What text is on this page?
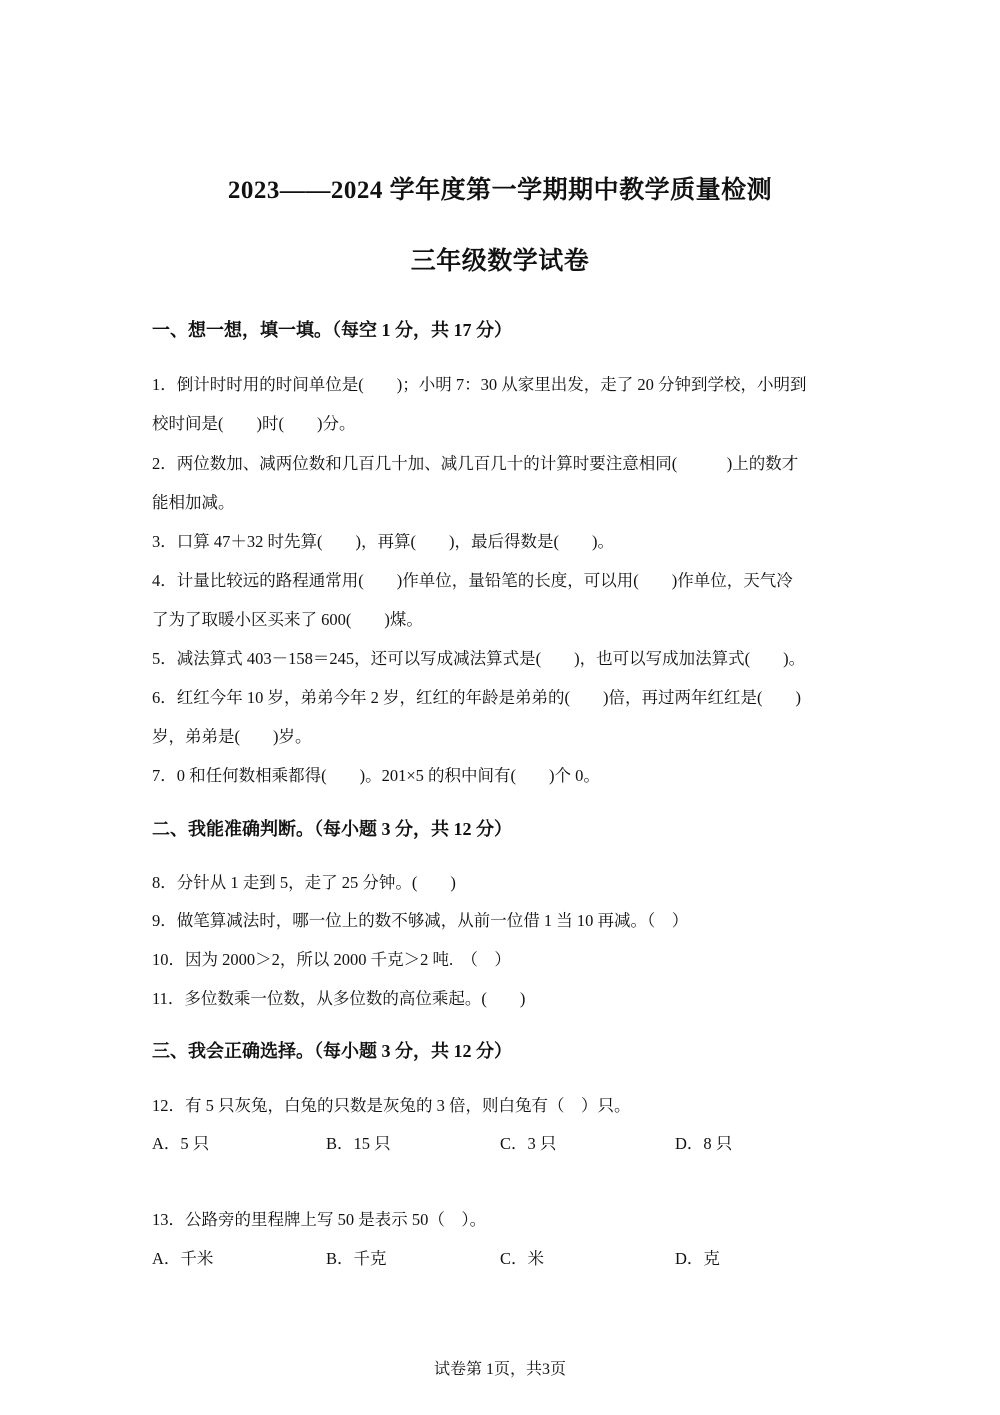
2023——2024 学年度第一学期期中教学质量检测
三年级数学试卷
一、想一想，填一填。（每空 1 分，共 17 分）
1．倒计时时用的时间单位是(　　)；小明 7：30 从家里出发，走了 20 分钟到学校，小明到
校时间是(　　)时(　　)分。
2．两位数加、减两位数和几百几十加、减几百几十的计算时要注意相同(　　　)上的数才
能相加减。
3．口算 47＋32 时先算(　　)，再算(　　)，最后得数是(　　)。
4．计量比较远的路程通常用(　　)作单位，量铅笔的长度，可以用(　　)作单位，天气冷
了为了取暖小区买来了 600(　　)煤。
5．减法算式 403－158＝245，还可以写成减法算式是(　　)，也可以写成加法算式(　　)。
6．红红今年 10 岁，弟弟今年 2 岁，红红的年龄是弟弟的(　　)倍，再过两年红红是(　　)
岁，弟弟是(　　)岁。
7．0 和任何数相乘都得(　　)。201×5 的积中间有(　　)个 0。
二、我能准确判断。（每小题 3 分，共 12 分）
8．分针从 1 走到 5，走了 25 分钟。(　　)
9．做笔算减法时，哪一位上的数不够减，从前一位借 1 当 10 再减。（　）
10．因为 2000＞2，所以 2000 千克＞2 吨.　（　）
11．多位数乘一位数，从多位数的高位乘起。(　　)
三、我会正确选择。（每小题 3 分，共 12 分）
12．有 5 只灰兔，白兔的只数是灰兔的 3 倍，则白兔有（　）只。
A．5 只	B．15 只	C．3 只	D．8 只
13．公路旁的里程牌上写 50 是表示 50（　）。
A．千米	B．千克	C．米	D．克
试卷第 1页，共3页
